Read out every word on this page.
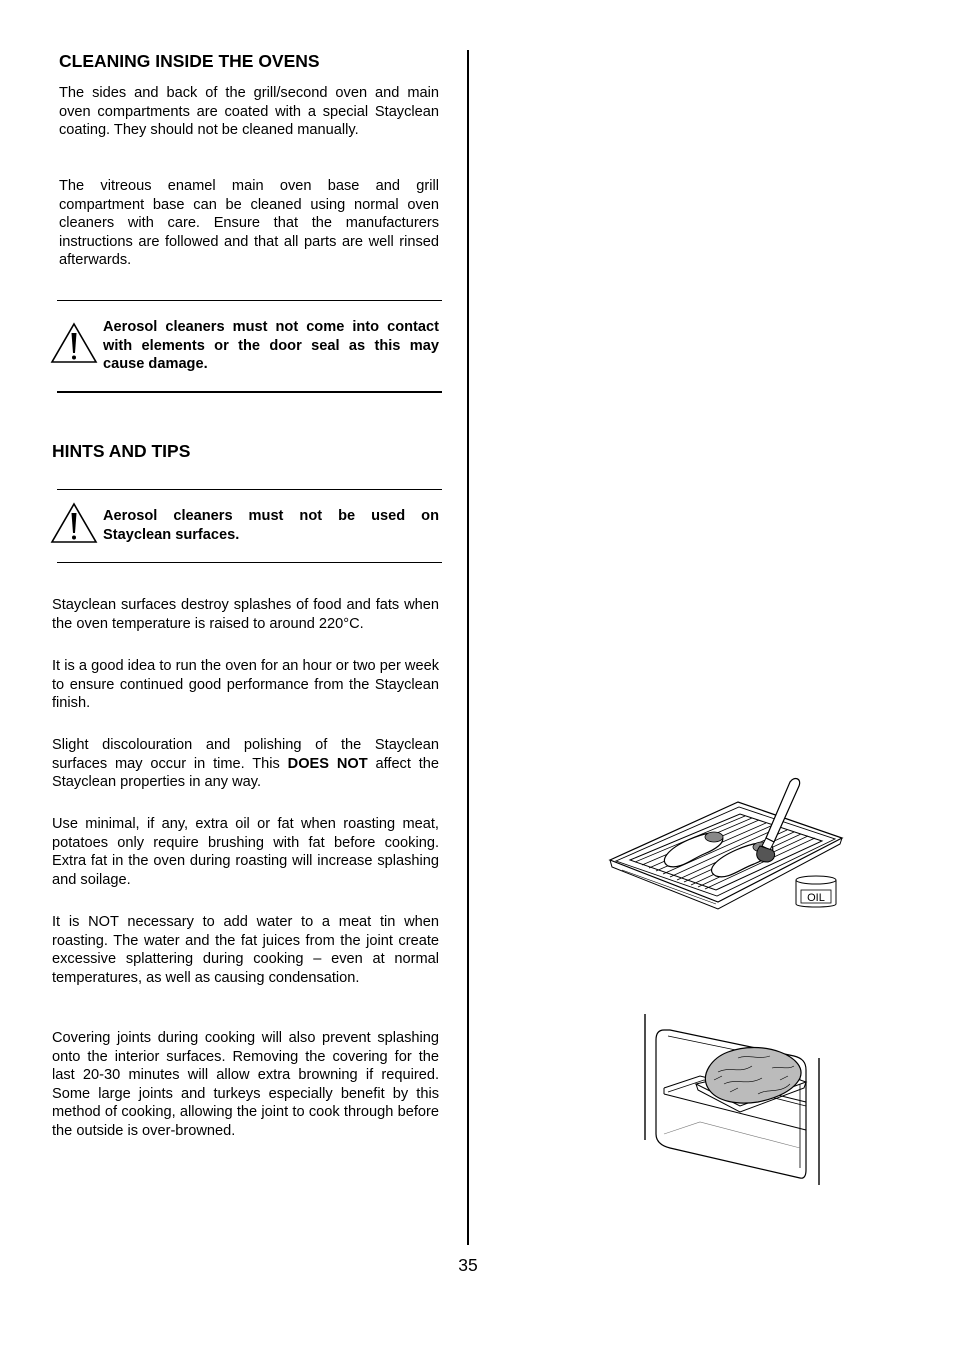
CLEANING INSIDE THE OVENS

The sides and back of the grill/second oven and main oven compartments are coated with a special Stayclean coating. They should not be cleaned manually.

The vitreous enamel main oven base and grill compartment base can be cleaned using normal oven cleaners with care. Ensure that the manufacturers instructions are followed and that all parts are well rinsed afterwards.

Aerosol cleaners must not come into contact with elements or the door seal as this may cause damage.

HINTS AND TIPS

Aerosol cleaners must not be used on Stayclean surfaces.

Stayclean surfaces destroy splashes of food and fats when the oven temperature is raised to around 220°C.

It is a good idea to run the oven for an hour or two per week to ensure continued good performance from the Stayclean finish.

Slight discolouration and polishing of the Stayclean surfaces may occur in time. This DOES NOT affect the Stayclean properties in any way.

Use minimal, if any, extra oil or fat when roasting meat, potatoes only require brushing with fat before cooking. Extra fat in the oven during roasting will increase splashing and soilage.

It is NOT necessary to add water to a meat tin when roasting. The water and the fat juices from the joint create excessive splattering during cooking – even at normal temperatures, as well as causing condensation.

Covering joints during cooking will also prevent splashing onto the interior surfaces. Removing the covering for the last 20-30 minutes will allow extra browning if required. Some large joints and turkeys especially benefit by this method of cooking, allowing the joint to cook through before the outside is over-browned.

OIL
35
